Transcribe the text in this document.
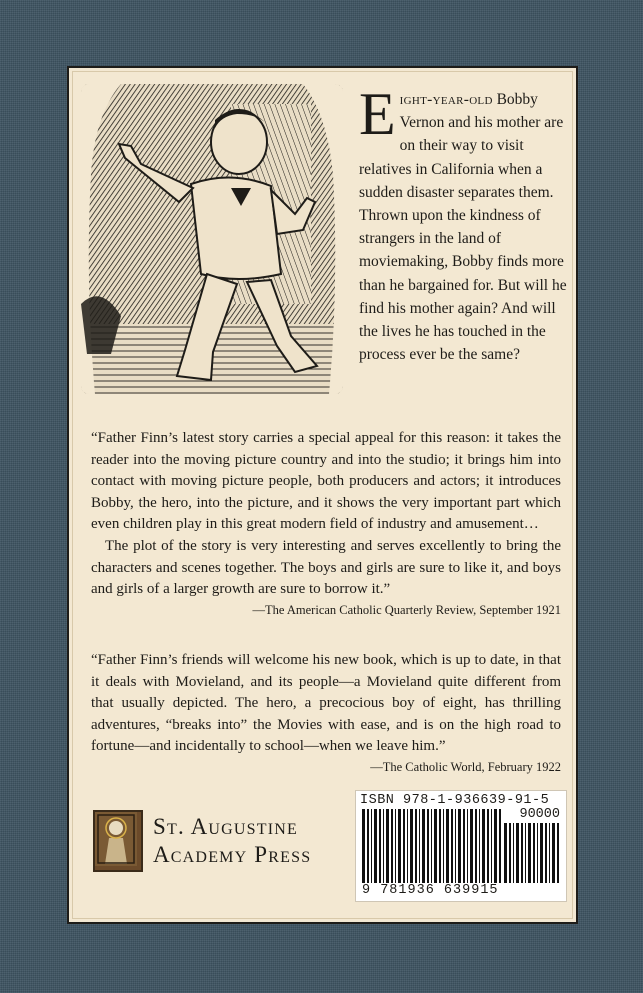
Eight-year-old Bobby Vernon and his mother are on their way to visit relatives in California when a sudden disaster separates them. Thrown upon the kindness of strangers in the land of moviemaking, Bobby finds more than he bargained for. But will he find his mother again? And will the lives he has touched in the process ever be the same?

“Father Finn’s latest story carries a special appeal for this reason: it takes the reader into the moving picture country and into the studio; it brings him into contact with moving picture people, both producers and actors; it introduces Bobby, the hero, into the picture, and it shows the very important part which even children play in this great modern field of industry and amusement…

The plot of the story is very interesting and serves excellently to bring the characters and scenes together. The boys and girls are sure to like it, and boys and girls of a larger growth are sure to borrow it.”

—The American Catholic Quarterly Review, September 1921

“Father Finn’s friends will welcome his new book, which is up to date, in that it deals with Movieland, and its people—a Movieland quite different from that usually depicted. The hero, a precocious boy of eight, has thrilling adventures, “breaks into” the Movies with ease, and is on the high road to fortune—and incidentally to school—when we leave him.”

—The Catholic World, February 1922

St. Augustine
Academy Press
ISBN 978-1-936639-91-5
90000
9 781936 639915
